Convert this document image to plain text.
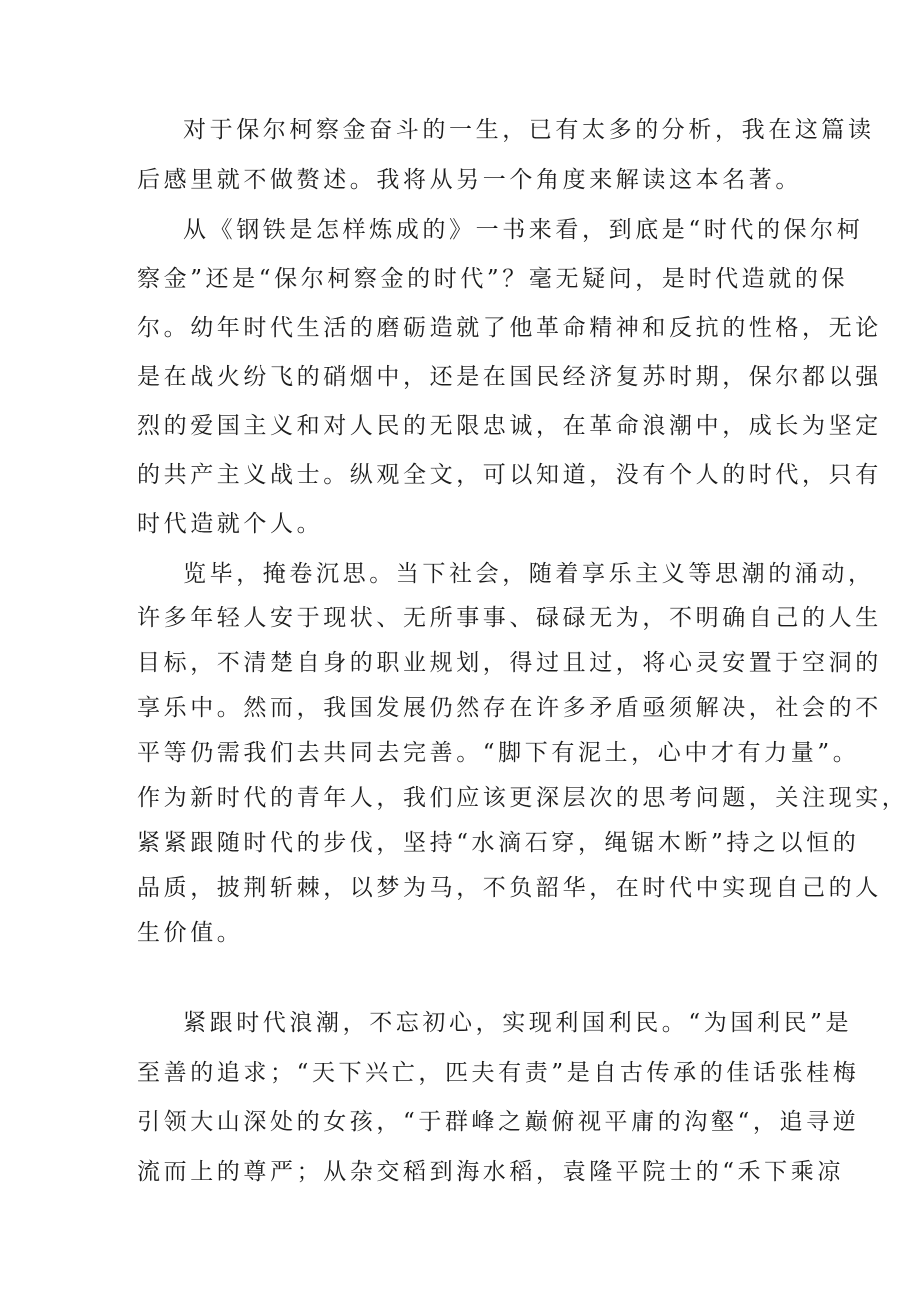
对于保尔柯察金奋斗的一生，已有太多的分析，我在这篇读

后感里就不做赘述。我将从另一个角度来解读这本名著。

从《钢铁是怎样炼成的》一书来看，到底是“时代的保尔柯

察金”还是“保尔柯察金的时代”？毫无疑问，是时代造就的保

尔。幼年时代生活的磨砺造就了他革命精神和反抗的性格，无论

是在战火纷飞的硝烟中，还是在国民经济复苏时期，保尔都以强

烈的爱国主义和对人民的无限忠诚，在革命浪潮中，成长为坚定

的共产主义战士。纵观全文，可以知道，没有个人的时代，只有

时代造就个人。

览毕，掩卷沉思。当下社会，随着享乐主义等思潮的涌动，

许多年轻人安于现状、无所事事、碌碌无为，不明确自己的人生

目标，不清楚自身的职业规划，得过且过，将心灵安置于空洞的

享乐中。然而，我国发展仍然存在许多矛盾亟须解决，社会的不

平等仍需我们去共同去完善。“脚下有泥土，心中才有力量”。

作为新时代的青年人，我们应该更深层次的思考问题，关注现实，

紧紧跟随时代的步伐，坚持“水滴石穿，绳锯木断”持之以恒的

品质，披荆斩棘，以梦为马，不负韶华，在时代中实现自己的人

生价值。

紧跟时代浪潮，不忘初心，实现利国利民。“为国利民”是

至善的追求；“天下兴亡，匹夫有责”是自古传承的佳话张桂梅

引领大山深处的女孩，“于群峰之巅俯视平庸的沟壑“，追寻逆

流而上的尊严；从杂交稻到海水稻，袁隆平院士的“禾下乘凉
